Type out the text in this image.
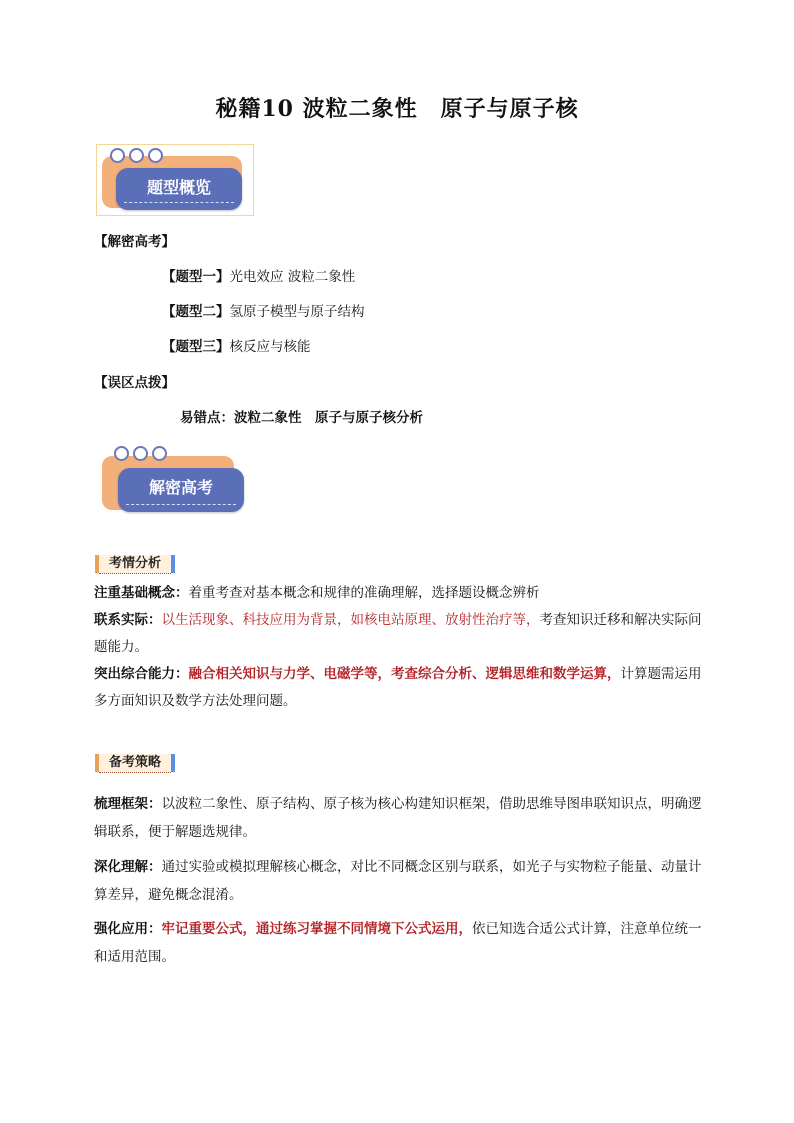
秘籍10 波粒二象性　原子与原子核
题型概览
【解密高考】
【题型一】光电效应 波粒二象性
【题型二】氢原子模型与原子结构
【题型三】核反应与核能
【误区点拨】
易错点：波粒二象性　原子与原子核分析
解密高考
考情分析
注重基础概念：着重考查对基本概念和规律的准确理解，选择题设概念辨析
联系实际：以生活现象、科技应用为背景，如核电站原理、放射性治疗等，考查知识迁移和解决实际问题能力。
突出综合能力：融合相关知识与力学、电磁学等，考查综合分析、逻辑思维和数学运算，计算题需运用多方面知识及数学方法处理问题。
备考策略
梳理框架：以波粒二象性、原子结构、原子核为核心构建知识框架，借助思维导图串联知识点，明确逻辑联系，便于解题选规律。
深化理解：通过实验或模拟理解核心概念，对比不同概念区别与联系，如光子与实物粒子能量、动量计算差异，避免概念混淆。
强化应用：牢记重要公式，通过练习掌握不同情境下公式运用，依已知选合适公式计算，注意单位统一和适用范围。
